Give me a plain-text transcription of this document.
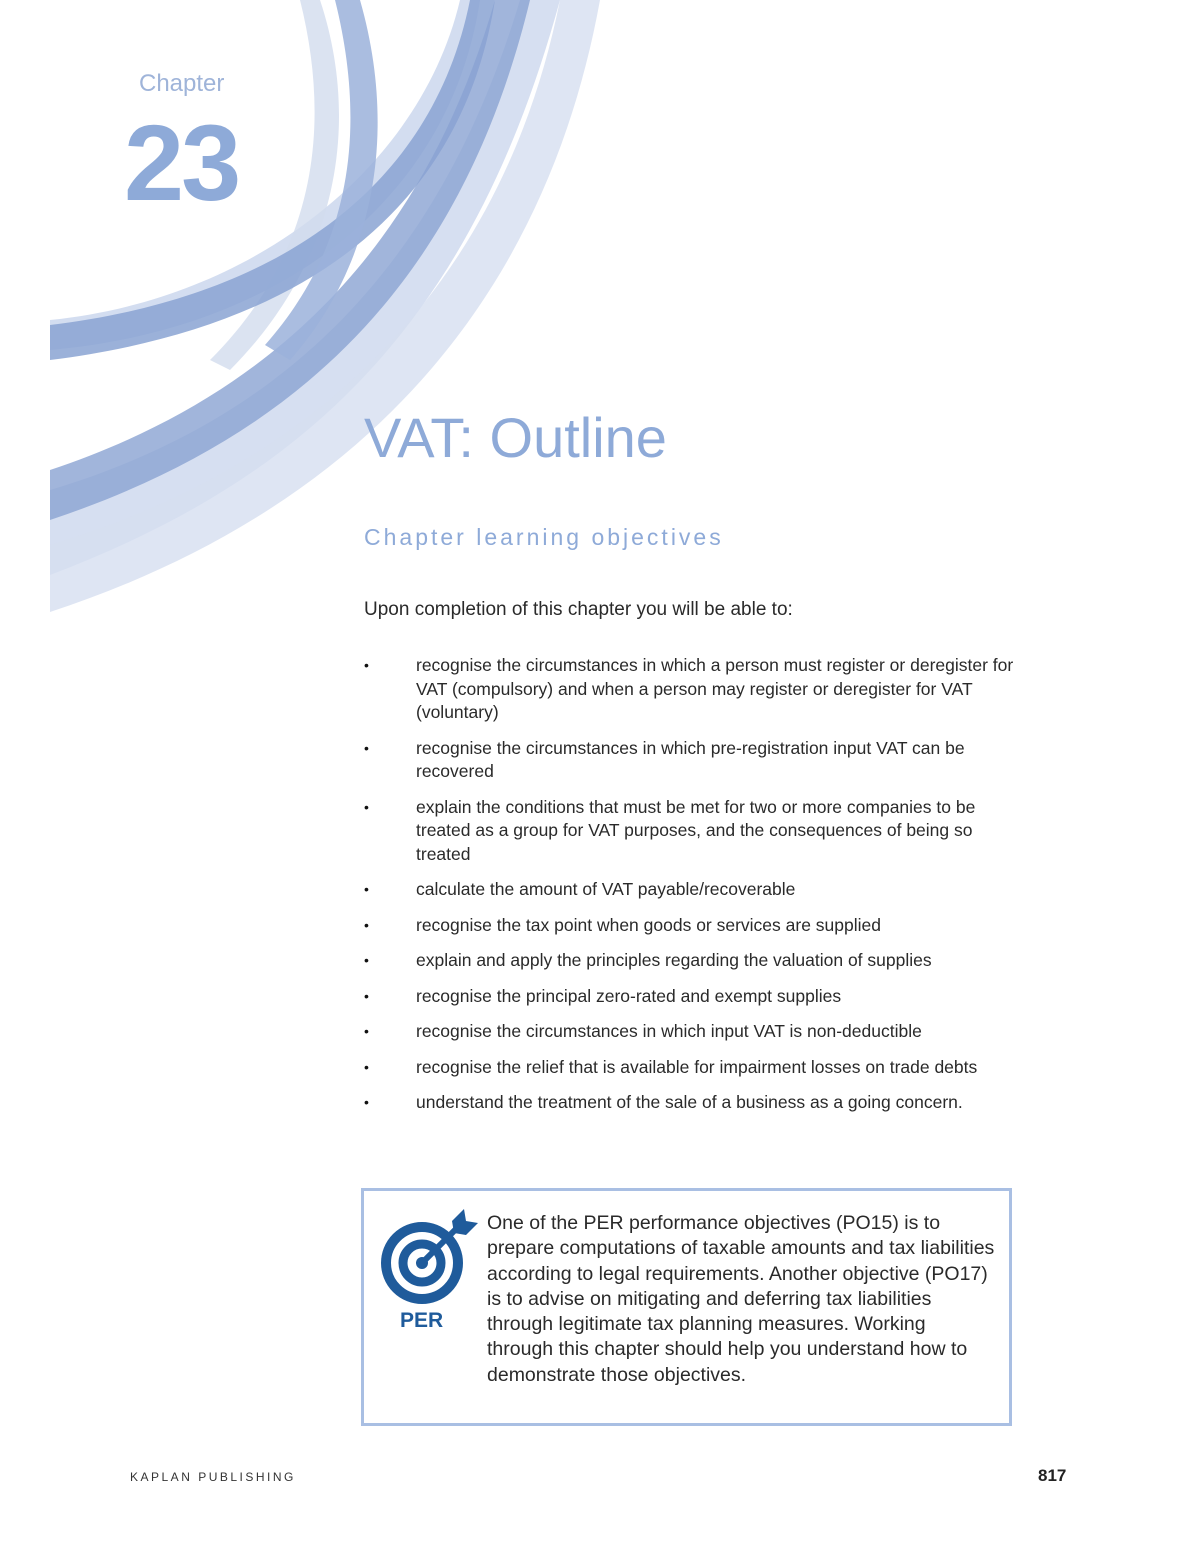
Chapter
23
VAT: Outline
Chapter learning objectives
Upon completion of this chapter you will be able to:
•	recognise the circumstances in which a person must register or deregister for VAT (compulsory) and when a person may register or deregister for VAT (voluntary)
•	recognise the circumstances in which pre-registration input VAT can be recovered
•	explain the conditions that must be met for two or more companies to be treated as a group for VAT purposes, and the consequences of being so treated
•	calculate the amount of VAT payable/recoverable
•	recognise the tax point when goods or services are supplied
•	explain and apply the principles regarding the valuation of supplies
•	recognise the principal zero-rated and exempt supplies
•	recognise the circumstances in which input VAT is non-deductible
•	recognise the relief that is available for impairment losses on trade debts
•	understand the treatment of the sale of a business as a going concern.
PER

One of the PER performance objectives (PO15) is to prepare computations of taxable amounts and tax liabilities according to legal requirements. Another objective (PO17) is to advise on mitigating and deferring tax liabilities through legitimate tax planning measures. Working through this chapter should help you understand how to demonstrate those objectives.

KAPLAN PUBLISHING	817
